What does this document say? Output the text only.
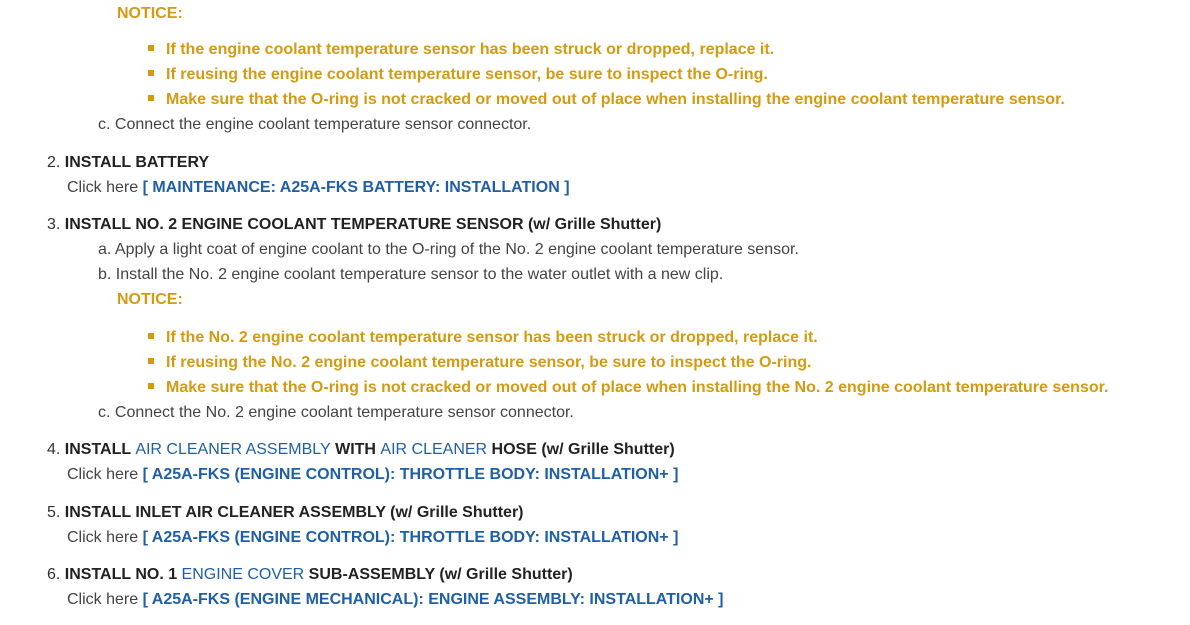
NOTICE:
If the engine coolant temperature sensor has been struck or dropped, replace it.
If reusing the engine coolant temperature sensor, be sure to inspect the O-ring.
Make sure that the O-ring is not cracked or moved out of place when installing the engine coolant temperature sensor.
c. Connect the engine coolant temperature sensor connector.
2. INSTALL BATTERY
Click here [ MAINTENANCE: A25A-FKS BATTERY: INSTALLATION ]
3. INSTALL NO. 2 ENGINE COOLANT TEMPERATURE SENSOR (w/ Grille Shutter)
a. Apply a light coat of engine coolant to the O-ring of the No. 2 engine coolant temperature sensor.
b. Install the No. 2 engine coolant temperature sensor to the water outlet with a new clip.
NOTICE:
If the No. 2 engine coolant temperature sensor has been struck or dropped, replace it.
If reusing the No. 2 engine coolant temperature sensor, be sure to inspect the O-ring.
Make sure that the O-ring is not cracked or moved out of place when installing the No. 2 engine coolant temperature sensor.
c. Connect the No. 2 engine coolant temperature sensor connector.
4. INSTALL AIR CLEANER ASSEMBLY WITH AIR CLEANER HOSE (w/ Grille Shutter)
Click here [ A25A-FKS (ENGINE CONTROL): THROTTLE BODY: INSTALLATION+ ]
5. INSTALL INLET AIR CLEANER ASSEMBLY (w/ Grille Shutter)
Click here [ A25A-FKS (ENGINE CONTROL): THROTTLE BODY: INSTALLATION+ ]
6. INSTALL NO. 1 ENGINE COVER SUB-ASSEMBLY (w/ Grille Shutter)
Click here [ A25A-FKS (ENGINE MECHANICAL): ENGINE ASSEMBLY: INSTALLATION+ ]
